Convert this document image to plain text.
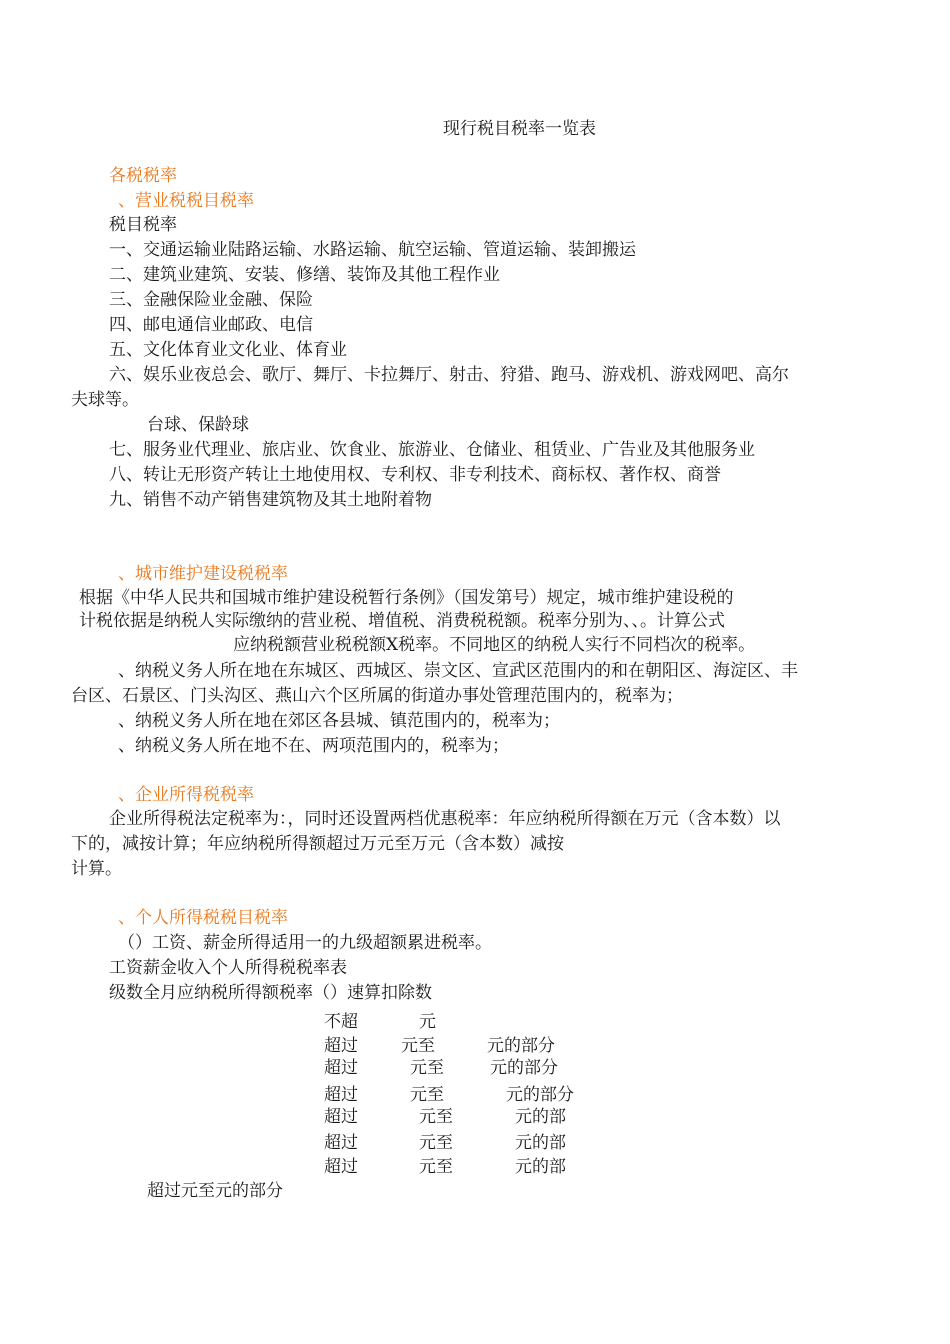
现行税目税率一览表
各税税率
、营业税税目税率
税目税率
一、交通运输业陆路运输、水路运输、航空运输、管道运输、装卸搬运
二、建筑业建筑、安装、修缮、装饰及其他工程作业
三、金融保险业金融、保险
四、邮电通信业邮政、电信
五、文化体育业文化业、体育业
六、娱乐业夜总会、歌厅、舞厅、卡拉舞厅、射击、狩猎、跑马、游戏机、游戏网吧、高尔
夫球等。
台球、保龄球
七、服务业代理业、旅店业、饮食业、旅游业、仓储业、租赁业、广告业及其他服务业
八、转让无形资产转让土地使用权、专利权、非专利技术、商标权、著作权、商誉
九、销售不动产销售建筑物及其土地附着物
、城市维护建设税税率
根据《中华人民共和国城市维护建设税暂行条例》（国发第号）规定，城市维护建设税的
计税依据是纳税人实际缴纳的营业税、增值税、消费税税额。税率分别为、、。计算公式
应纳税额营业税税额X税率。不同地区的纳税人实行不同档次的税率。
、纳税义务人所在地在东城区、西城区、崇文区、宣武区范围内的和在朝阳区、海淀区、丰
台区、石景区、门头沟区、燕山六个区所属的街道办事处管理范围内的，税率为；
、纳税义务人所在地在郊区各县城、镇范围内的，税率为；
、纳税义务人所在地不在、两项范围内的，税率为；
、企业所得税税率
企业所得税法定税率为：，同时还设置两档优惠税率：年应纳税所得额在万元（含本数）以
下的，减按计算；年应纳税所得额超过万元至万元（含本数）减按
计算。
、个人所得税税目税率
（）工资、薪金所得适用一的九级超额累进税率。
工资薪金收入个人所得税税率表
级数全月应纳税所得额税率（）速算扣除数
不超	元
超过	元至	元的部分
超过	元至	元的部分
超过	元至	元的部分
超过	元至	元的部
超过	元至	元的部
超过	元至	元的部
超过元至元的部分
